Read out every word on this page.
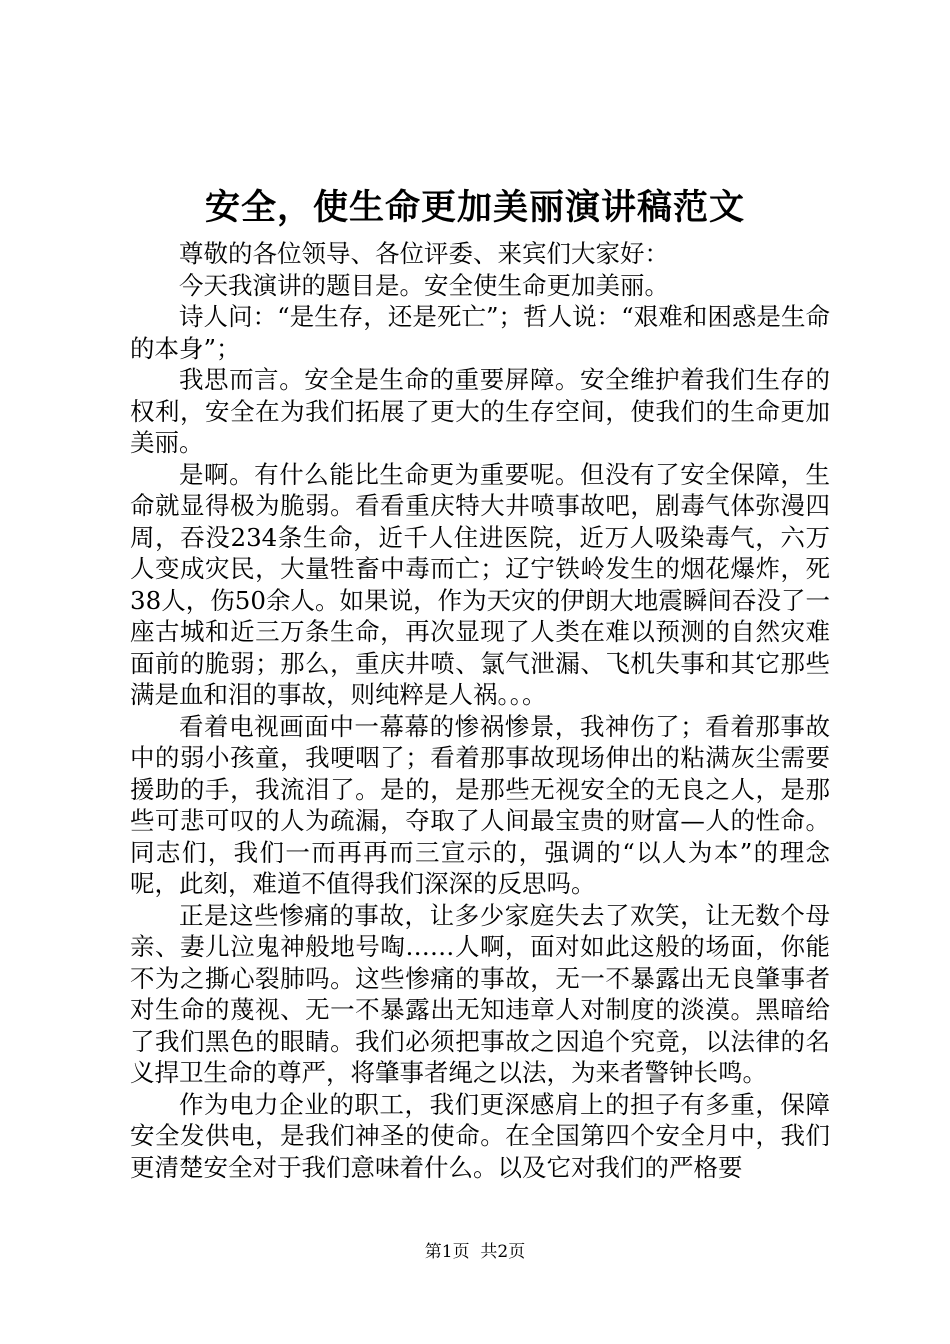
安全，使生命更加美丽演讲稿范文

尊敬的各位领导、各位评委、来宾们大家好：

今天我演讲的题目是。安全使生命更加美丽。

诗人问：“是生存，还是死亡”；哲人说：“艰难和困惑是生命的本身”；

我思而言。安全是生命的重要屏障。安全维护着我们生存的权利，安全在为我们拓展了更大的生存空间，使我们的生命更加美丽。

是啊。有什么能比生命更为重要呢。但没有了安全保障，生命就显得极为脆弱。看看重庆特大井喷事故吧，剧毒气体弥漫四周，吞没234条生命，近千人住进医院，近万人吸染毒气，六万人变成灾民，大量牲畜中毒而亡；辽宁铁岭发生的烟花爆炸，死38人，伤50余人。如果说，作为天灾的伊朗大地震瞬间吞没了一座古城和近三万条生命，再次显现了人类在难以预测的自然灾难面前的脆弱；那么，重庆井喷、氯气泄漏、飞机失事和其它那些满是血和泪的事故，则纯粹是人祸。。。

看着电视画面中一幕幕的惨祸惨景，我神伤了；看着那事故中的弱小孩童，我哽咽了；看着那事故现场伸出的粘满灰尘需要援助的手，我流泪了。是的，是那些无视安全的无良之人，是那些可悲可叹的人为疏漏，夺取了人间最宝贵的财富—人的性命。同志们，我们一而再再而三宣示的，强调的“以人为本”的理念呢，此刻，难道不值得我们深深的反思吗。

正是这些惨痛的事故，让多少家庭失去了欢笑，让无数个母亲、妻儿泣鬼神般地号啕……人啊，面对如此这般的场面，你能不为之撕心裂肺吗。这些惨痛的事故，无一不暴露出无良肇事者对生命的蔑视、无一不暴露出无知违章人对制度的淡漠。黑暗给了我们黑色的眼睛。我们必须把事故之因追个究竟，以法律的名义捍卫生命的尊严，将肇事者绳之以法，为来者警钟长鸣。

作为电力企业的职工，我们更深感肩上的担子有多重，保障安全发供电，是我们神圣的使命。在全国第四个安全月中，我们更清楚安全对于我们意味着什么。以及它对我们的严格要

第1页 共2页
